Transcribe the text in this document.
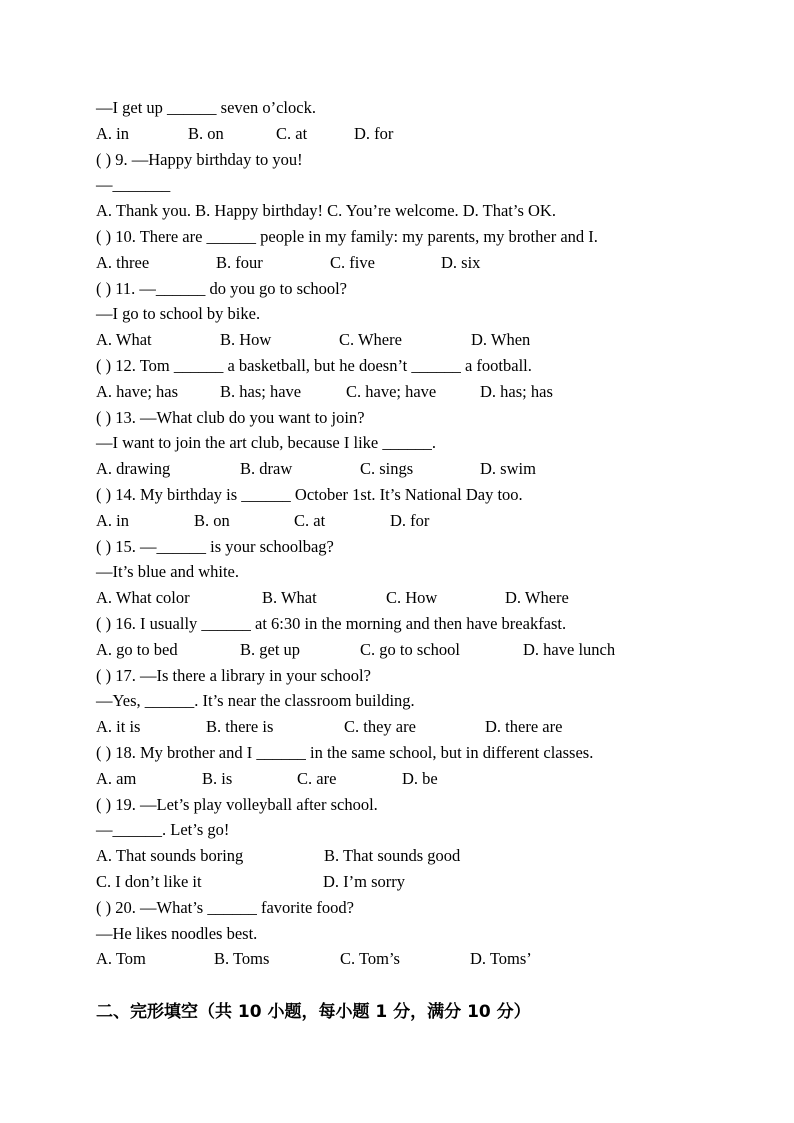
—I get up ______ seven o’clock.
A. in	B. on	C. at	D. for
( ) 9. —Happy birthday to you!
—_______
A. Thank you. B. Happy birthday! C. You’re welcome. D. That’s OK.
( ) 10. There are ______ people in my family: my parents, my brother and I.
A. three	B. four	C. five	D. six
( ) 11. —______ do you go to school?
—I go to school by bike.
A. What	B. How	C. Where	D. When
( ) 12. Tom ______ a basketball, but he doesn’t ______ a football.
A. have; has	B. has; have	C. have; have	D. has; has
( ) 13. —What club do you want to join?
—I want to join the art club, because I like ______.
A. drawing	B. draw	C. sings	D. swim
( ) 14. My birthday is ______ October 1st. It’s National Day too.
A. in	B. on	C. at	D. for
( ) 15. —______ is your schoolbag?
—It’s blue and white.
A. What color	B. What	C. How	D. Where
( ) 16. I usually ______ at 6:30 in the morning and then have breakfast.
A. go to bed	B. get up	C. go to school	D. have lunch
( ) 17. —Is there a library in your school?
—Yes, ______. It’s near the classroom building.
A. it is	B. there is	C. they are	D. there are
( ) 18. My brother and I ______ in the same school, but in different classes.
A. am	B. is	C. are	D. be
( ) 19. —Let’s play volleyball after school.
—______. Let’s go!
A. That sounds boring	B. That sounds good
C. I don’t like it	D. I’m sorry
( ) 20. —What’s ______ favorite food?
—He likes noodles best.
A. Tom	B. Toms	C. Tom’s	D. Toms’
二、完形填空（共 10 小题，每小题 1 分，满分 10 分）
